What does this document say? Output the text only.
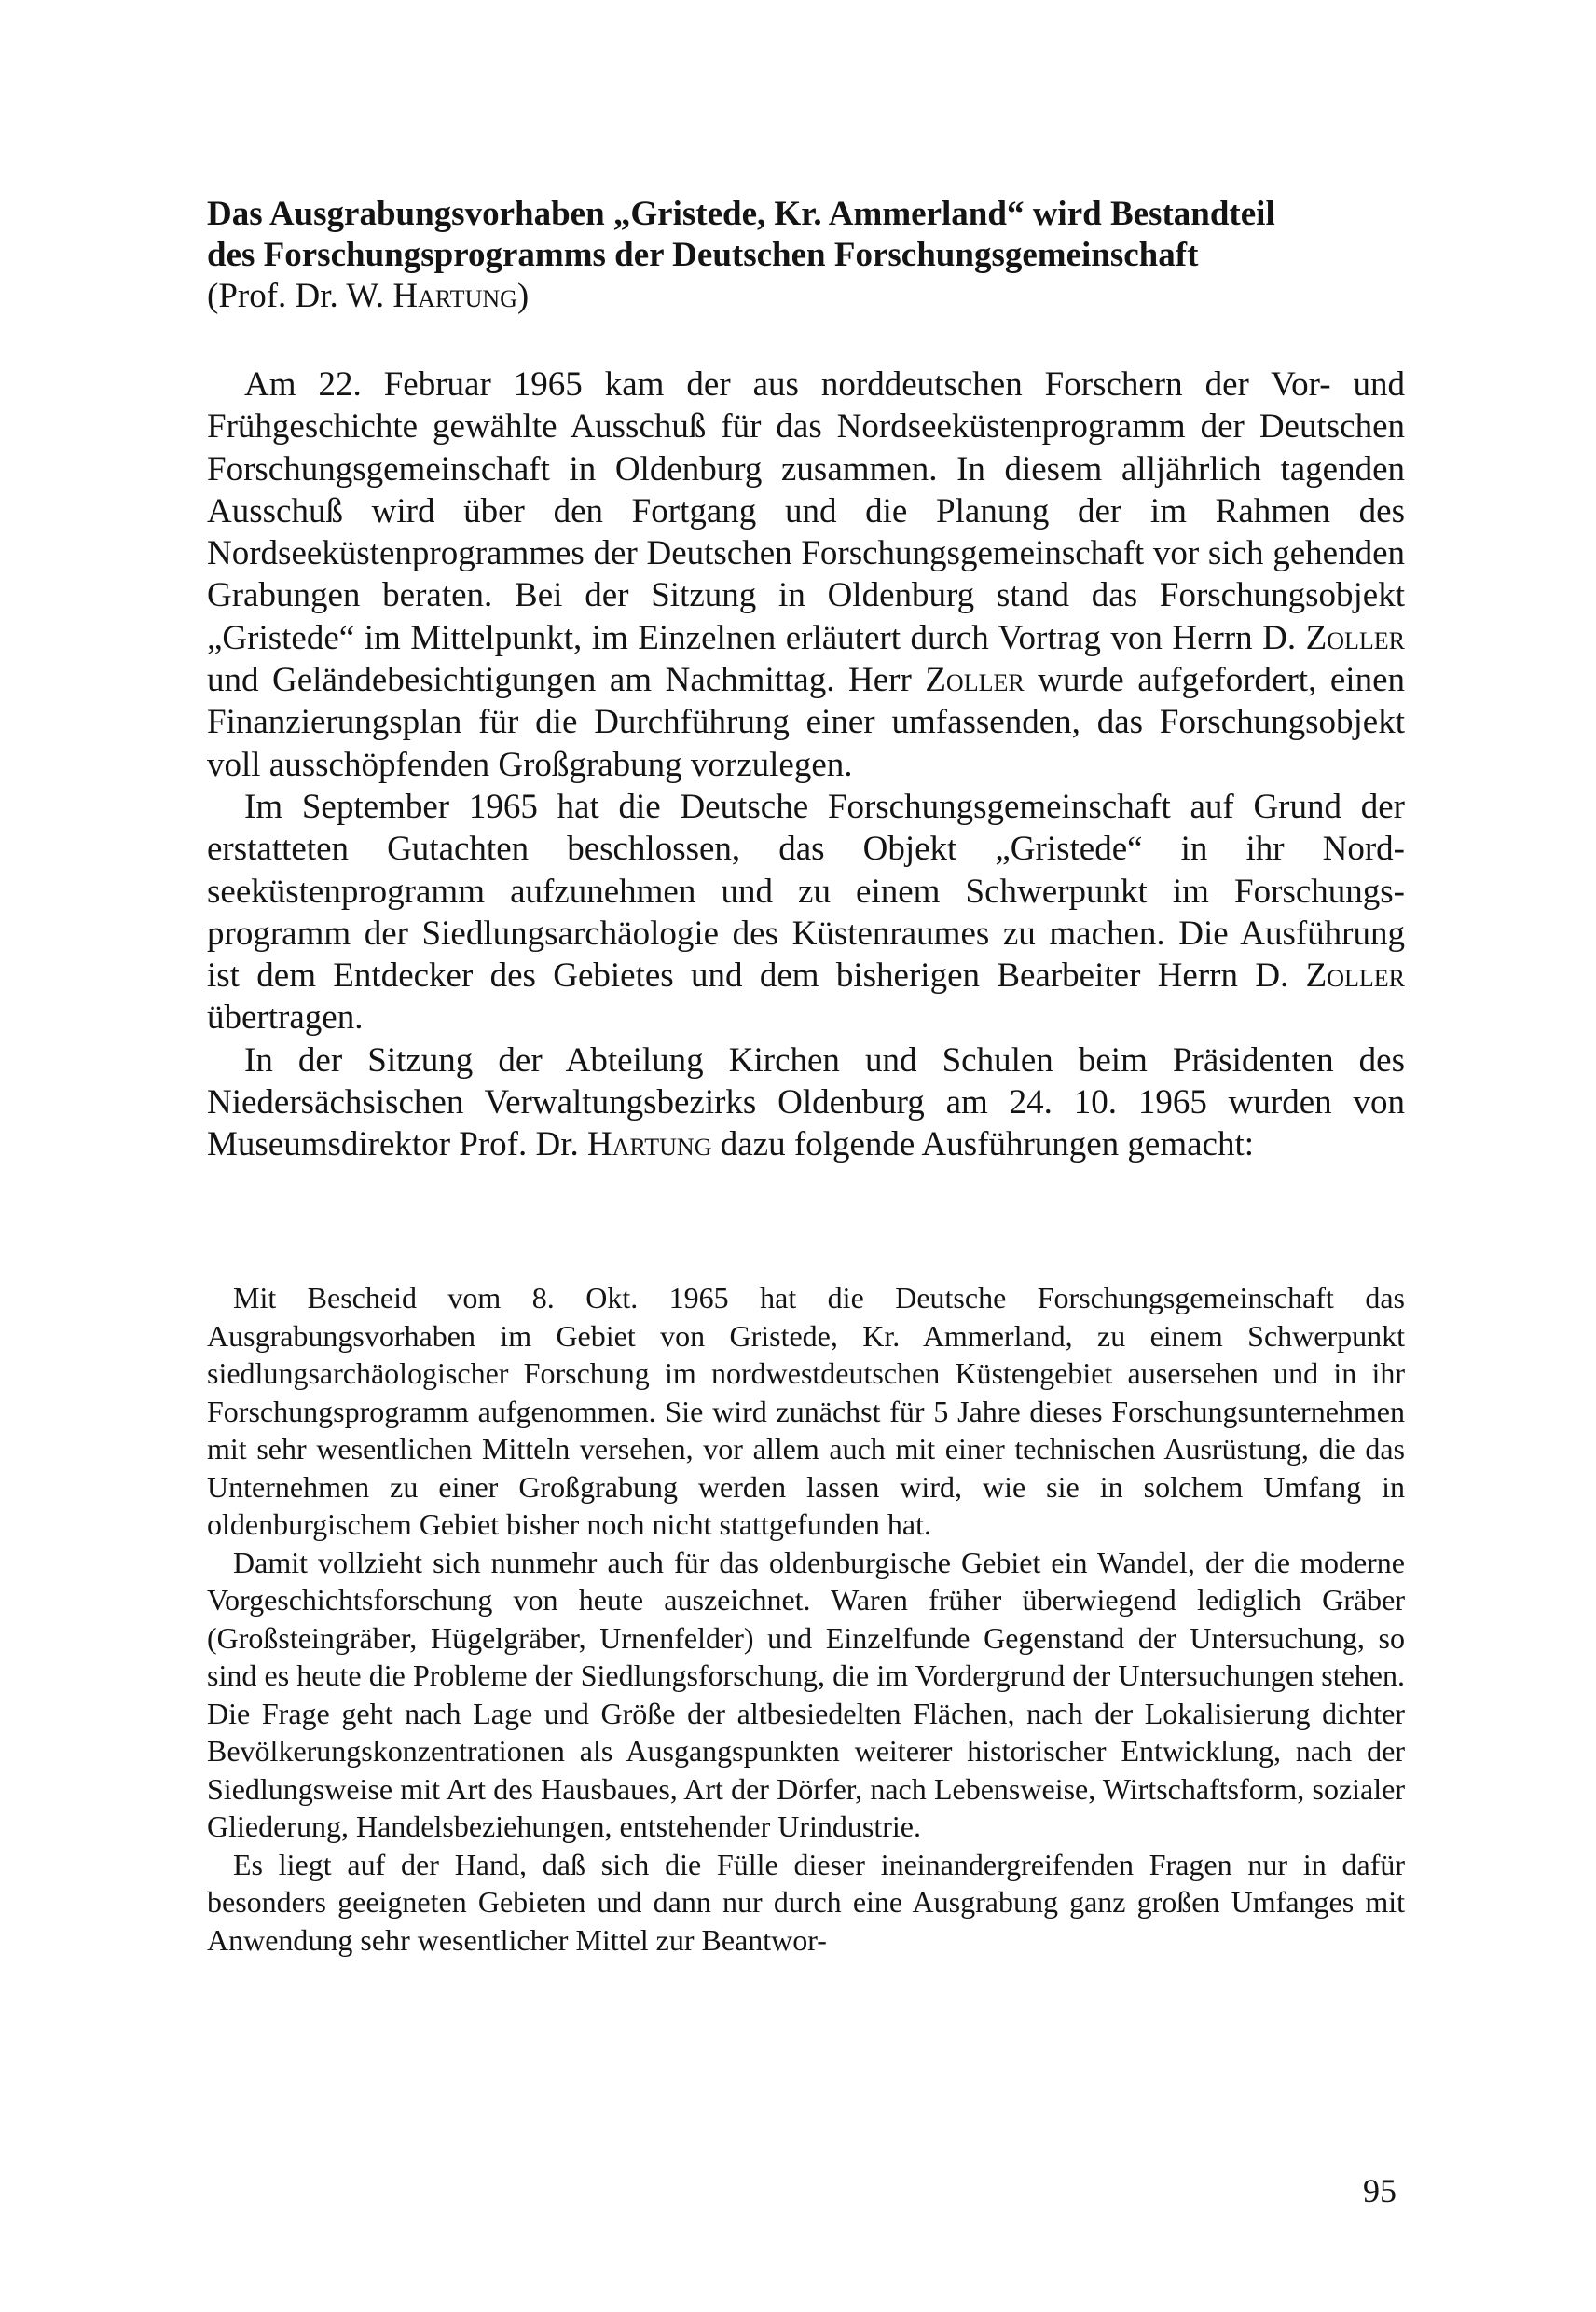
Das Ausgrabungsvorhaben „Gristede, Kr. Ammerland“ wird Bestandteil
des Forschungsprogramms der Deutschen Forschungsgemeinschaft
(Prof. Dr. W. Hartung)

Am 22. Februar 1965 kam der aus norddeutschen Forschern der Vor- und Frühgeschichte gewählte Ausschuß für das Nordseeküstenprogramm der Deutschen Forschungsgemeinschaft in Oldenburg zusammen. In diesem alljährlich tagenden Ausschuß wird über den Fortgang und die Planung der im Rahmen des Nordseeküstenprogrammes der Deutschen Forschungsgemeinschaft vor sich gehenden Grabungen beraten. Bei der Sitzung in Oldenburg stand das Forschungsobjekt „Gristede“ im Mittelpunkt, im Einzelnen erläutert durch Vortrag von Herrn D. Zoller und Geländebesichtigungen am Nachmittag. Herr Zoller wurde aufgefordert, einen Finanzierungsplan für die Durchführung einer umfassenden, das Forschungsobjekt voll ausschöpfenden Großgrabung vorzulegen.

Im September 1965 hat die Deutsche Forschungsgemeinschaft auf Grund der erstatteten Gutachten beschlossen, das Objekt „Gristede“ in ihr Nordseeküstenprogramm aufzunehmen und zu einem Schwerpunkt im Forschungsprogramm der Siedlungsarchäologie des Küstenraumes zu machen. Die Ausführung ist dem Entdecker des Gebietes und dem bisherigen Bearbeiter Herrn D. Zoller übertragen.

In der Sitzung der Abteilung Kirchen und Schulen beim Präsidenten des Niedersächsischen Verwaltungsbezirks Oldenburg am 24. 10. 1965 wurden von Museumsdirektor Prof. Dr. Hartung dazu folgende Ausführungen gemacht:

Mit Bescheid vom 8. Okt. 1965 hat die Deutsche Forschungsgemeinschaft das Ausgrabungsvorhaben im Gebiet von Gristede, Kr. Ammerland, zu einem Schwerpunkt siedlungsarchäologischer Forschung im nordwestdeutschen Küstengebiet ausersehen und in ihr Forschungsprogramm aufgenommen. Sie wird zunächst für 5 Jahre dieses Forschungsunternehmen mit sehr wesentlichen Mitteln versehen, vor allem auch mit einer technischen Ausrüstung, die das Unternehmen zu einer Großgrabung werden lassen wird, wie sie in solchem Umfang in oldenburgischem Gebiet bisher noch nicht stattgefunden hat.

Damit vollzieht sich nunmehr auch für das oldenburgische Gebiet ein Wandel, der die moderne Vorgeschichtsforschung von heute auszeichnet. Waren früher überwiegend lediglich Gräber (Großsteingräber, Hügelgräber, Urnenfelder) und Einzelfunde Gegenstand der Untersuchung, so sind es heute die Probleme der Siedlungsforschung, die im Vordergrund der Untersuchungen stehen. Die Frage geht nach Lage und Größe der altbesiedelten Flächen, nach der Lokalisierung dichter Bevölkerungskonzentrationen als Ausgangspunkten weiterer historischer Entwicklung, nach der Siedlungsweise mit Art des Hausbaues, Art der Dörfer, nach Lebensweise, Wirtschaftsform, sozialer Gliederung, Handelsbeziehungen, entstehender Urindustrie.

Es liegt auf der Hand, daß sich die Fülle dieser ineinandergreifenden Fragen nur in dafür besonders geeigneten Gebieten und dann nur durch eine Ausgrabung ganz großen Umfanges mit Anwendung sehr wesentlicher Mittel zur Beantwor-

95
